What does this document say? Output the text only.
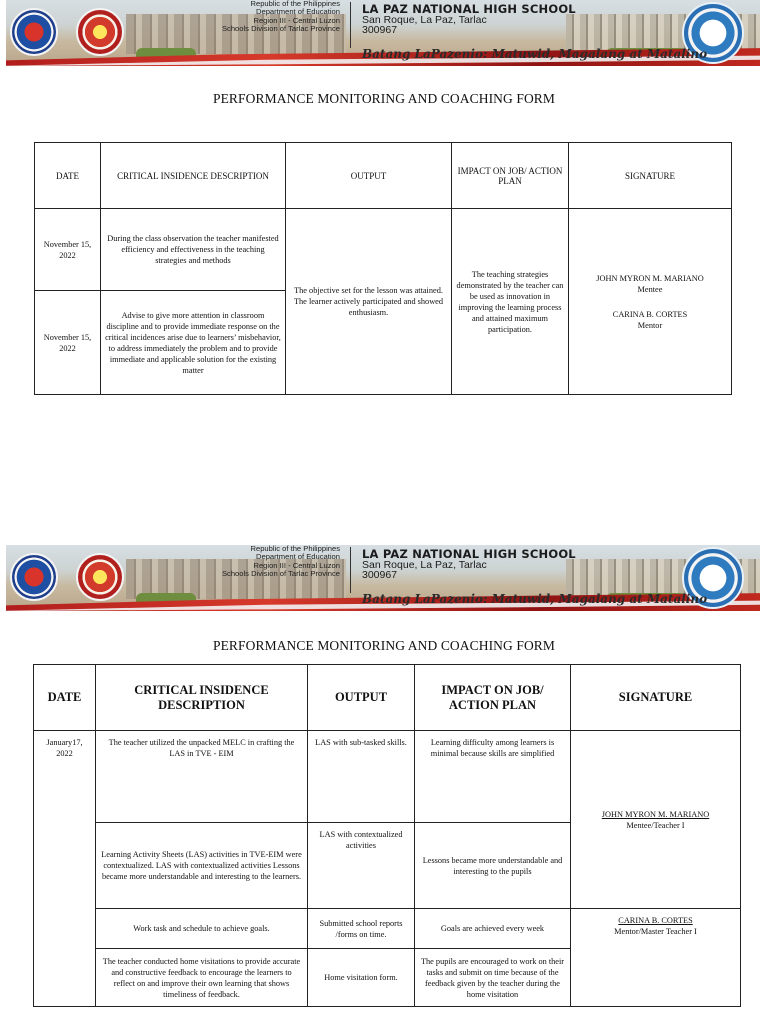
Republic of the Philippines
Department of Education
Region III - Central Luzon
Schools Division of Tarlac Province
LA PAZ NATIONAL HIGH SCHOOL
San Roque, La Paz, Tarlac
300967
Batang LaPazenio: Matuwid, Magalang at Matalino
PERFORMANCE MONITORING AND COACHING FORM
DATE	CRITICAL INSIDENCE DESCRIPTION	OUTPUT	IMPACT ON JOB/ ACTION PLAN	SIGNATURE
November 15, 2022	During the class observation the teacher manifested efficiency and effectiveness in the teaching strategies and methods	The objective set for the lesson was attained. The learner actively participated and showed enthusiasm.	The teaching strategies demonstrated by the teacher can be used as innovation in improving the learning process and attained maximum participation.	JOHN MYRON M. MARIANO
Mentee
CARINA B. CORTES
Mentor

November 15, 2022	Advise to give more attention in classroom discipline and to provide immediate response on the critical incidences arise due to learners’ misbehavior, to address immediately the problem and to provide immediate and applicable solution for the existing matter			
Republic of the Philippines
Department of Education
Region III - Central Luzon
Schools Division of Tarlac Province
LA PAZ NATIONAL HIGH SCHOOL
San Roque, La Paz, Tarlac
300967
Batang LaPazenio: Matuwid, Magalang at Matalino
PERFORMANCE MONITORING AND COACHING FORM
DATE	CRITICAL INSIDENCE DESCRIPTION	OUTPUT	IMPACT ON JOB/ ACTION PLAN	SIGNATURE
January17, 2022	The teacher utilized the unpacked MELC in crafting the LAS in TVE - EIM	LAS with sub-tasked skills.	Learning difficulty among learners is minimal because skills are simplified	JOHN MYRON M. MARIANO
Mentee/Teacher I

	Learning Activity Sheets (LAS) activities in TVE-EIM were contextualized. LAS with contextualized activities Lessons became more understandable and interesting to the learners.	LAS with contextualized activities	Lessons became more understandable and interesting to the pupils	
	Work task and schedule to achieve goals.	Submitted school reports /forms on time.	Goals are achieved every week	CARINA B. CORTES
Mentor/Master Teacher I

	The teacher conducted home visitations to provide accurate and constructive feedback to encourage the learners to reflect on and improve their own learning that shows timeliness of feedback.	Home visitation form.	The pupils are encouraged to work on their tasks and submit on time because of the feedback given by the teacher during the home visitation	
